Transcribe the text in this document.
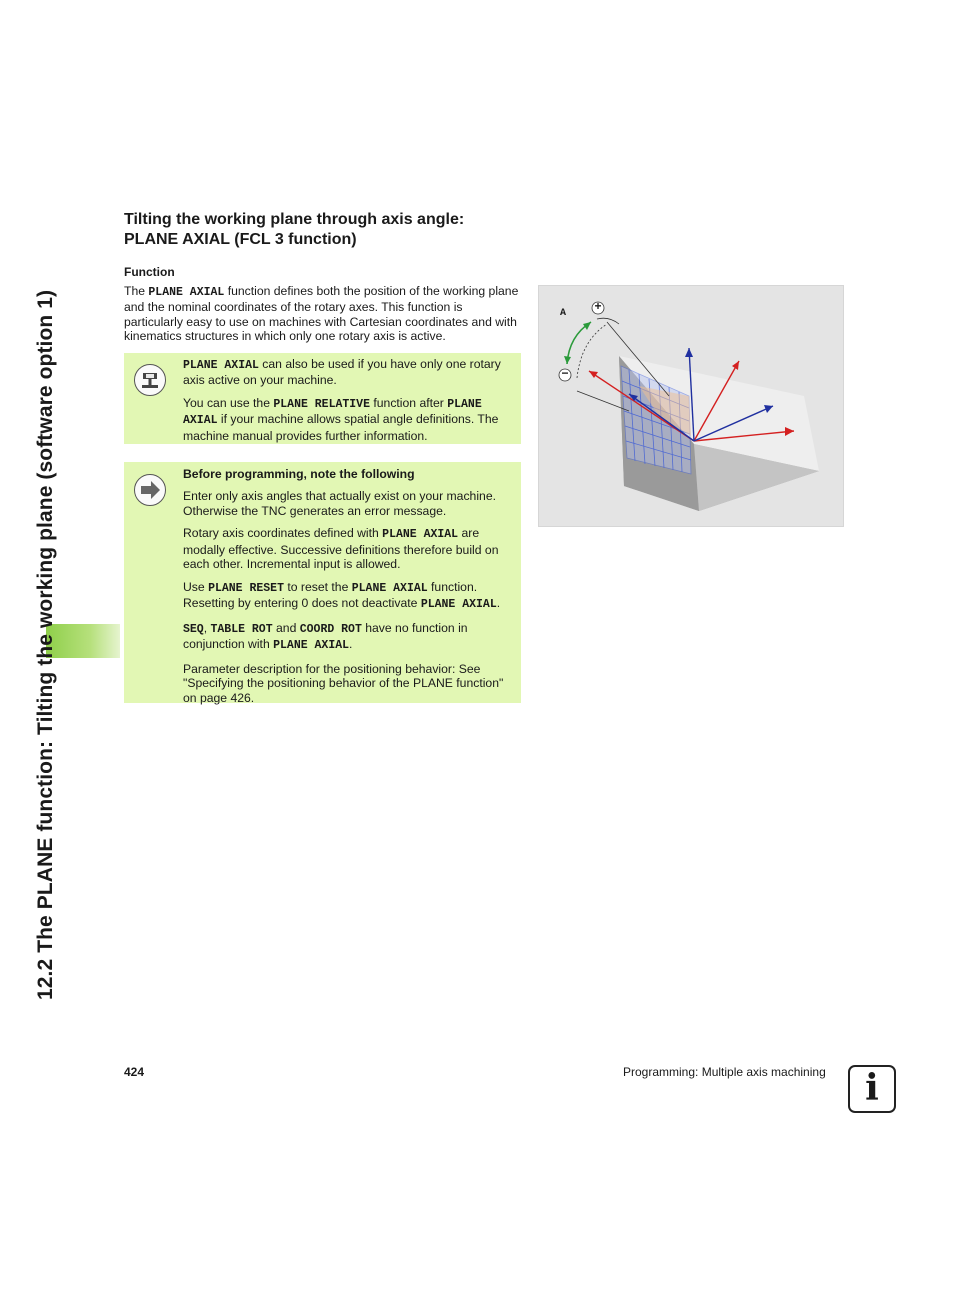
12.2 The PLANE function: Tilting the working plane (software option 1)
Tilting the working plane through axis angle: PLANE AXIAL (FCL 3 function)
Function
The PLANE AXIAL function defines both the position of the working plane and the nominal coordinates of the rotary axes. This function is particularly easy to use on machines with Cartesian coordinates and with kinematics structures in which only one rotary axis is active.

PLANE AXIAL can also be used if you have only one rotary axis active on your machine.

You can use the PLANE RELATIVE function after PLANE AXIAL if your machine allows spatial angle definitions. The machine manual provides further information.

Before programming, note the following

Enter only axis angles that actually exist on your machine. Otherwise the TNC generates an error message.

Rotary axis coordinates defined with PLANE AXIAL are modally effective. Successive definitions therefore build on each other. Incremental input is allowed.

Use PLANE RESET to reset the PLANE AXIAL function. Resetting by entering 0 does not deactivate PLANE AXIAL.

SEQ, TABLE ROT and COORD ROT have no function in conjunction with PLANE AXIAL.

Parameter description for the positioning behavior: See "Specifying the positioning behavior of the PLANE function" on page 426.

A
+
−
424	Programming: Multiple axis machining	i
